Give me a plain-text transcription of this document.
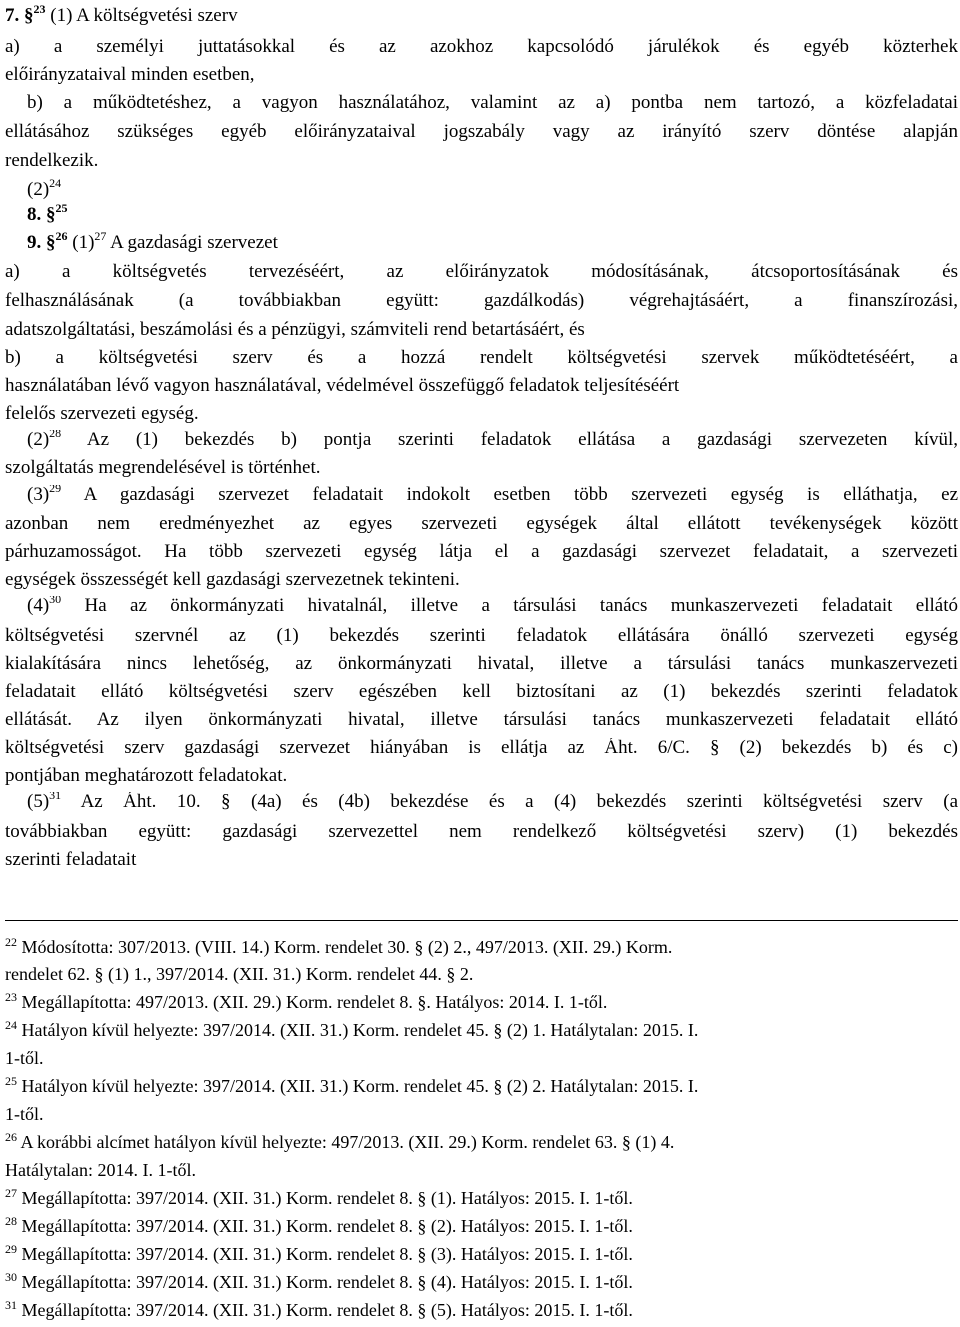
7. §$^{23}$ (1) A költségvetési szerv
a) a személyi juttatásokkal és az azokhoz kapcsolódó járulékok és egyéb közterhek
előirányzataival minden esetben,
b) a működtetéshez, a vagyon használatához, valamint az a) pontba nem tartozó, a közfeladatai
ellátásához szükséges egyéb előirányzataival jogszabály vagy az irányító szerv döntése alapján
rendelkezik.
$(2)^{24}$
8. §$^{25}$
9. §$^{26}$ $(1)^{27}$ A gazdasági szervezet
a) a költségvetés tervezéséért, az előirányzatok módosításának, átcsoportosításának és
felhasználásának (a továbbiakban együtt: gazdálkodás) végrehajtásáért, a finanszírozási,
adatszolgáltatási, beszámolási és a pénzügyi, számviteli rend betartásáért, és
b) a költségvetési szerv és a hozzá rendelt költségvetési szervek működtetéséért, a
használatában lévő vagyon használatával, védelmével összefüggő feladatok teljesítéséért
felelős szervezeti egység.
$(2)^{28}$ Az (1) bekezdés b) pontja szerinti feladatok ellátása a gazdasági szervezeten kívül,
szolgáltatás megrendelésével is történhet.
$(3)^{29}$ A gazdasági szervezet feladatait indokolt esetben több szervezeti egység is elláthatja, ez
azonban nem eredményezhet az egyes szervezeti egységek által ellátott tevékenységek között
párhuzamosságot. Ha több szervezeti egység látja el a gazdasági szervezet feladatait, a szervezeti
egységek összességét kell gazdasági szervezetnek tekinteni.
$(4)^{30}$ Ha az önkormányzati hivatalnál, illetve a társulási tanács munkaszervezeti feladatait ellátó
költségvetési szervnél az (1) bekezdés szerinti feladatok ellátására önálló szervezeti egység
kialakítására nincs lehetőség, az önkormányzati hivatal, illetve a társulási tanács munkaszervezeti
feladatait ellátó költségvetési szerv egészében kell biztosítani az (1) bekezdés szerinti feladatok
ellátását. Az ilyen önkormányzati hivatal, illetve társulási tanács munkaszervezeti feladatait ellátó
költségvetési szerv gazdasági szervezet hiányában is ellátja az Áht. 6/C. § (2) bekezdés b) és c)
pontjában meghatározott feladatokat.
$(5)^{31}$ Az Áht. 10. § (4a) és (4b) bekezdése és a (4) bekezdés szerinti költségvetési szerv (a
továbbiakban együtt: gazdasági szervezettel nem rendelkező költségvetési szerv) (1) bekezdés
szerinti feladatait
$^{22}$ Módosította: 307/2013. (VIII. 14.) Korm. rendelet 30. § (2) 2., 497/2013. (XII. 29.) Korm.
rendelet 62. § (1) 1., 397/2014. (XII. 31.) Korm. rendelet 44. § 2.
$^{23}$ Megállapította: 497/2013. (XII. 29.) Korm. rendelet 8. §. Hatályos: 2014. I. 1-től.
$^{24}$ Hatályon kívül helyezte: 397/2014. (XII. 31.) Korm. rendelet 45. § (2) 1. Hatálytalan: 2015. I.
1-től.
$^{25}$ Hatályon kívül helyezte: 397/2014. (XII. 31.) Korm. rendelet 45. § (2) 2. Hatálytalan: 2015. I.
1-től.
$^{26}$ A korábbi alcímet hatályon kívül helyezte: 497/2013. (XII. 29.) Korm. rendelet 63. § (1) 4.
Hatálytalan: 2014. I. 1-től.
$^{27}$ Megállapította: 397/2014. (XII. 31.) Korm. rendelet 8. § (1). Hatályos: 2015. I. 1-től.
$^{28}$ Megállapította: 397/2014. (XII. 31.) Korm. rendelet 8. § (2). Hatályos: 2015. I. 1-től.
$^{29}$ Megállapította: 397/2014. (XII. 31.) Korm. rendelet 8. § (3). Hatályos: 2015. I. 1-től.
$^{30}$ Megállapította: 397/2014. (XII. 31.) Korm. rendelet 8. § (4). Hatályos: 2015. I. 1-től.
$^{31}$ Megállapította: 397/2014. (XII. 31.) Korm. rendelet 8. § (5). Hatályos: 2015. I. 1-től.
